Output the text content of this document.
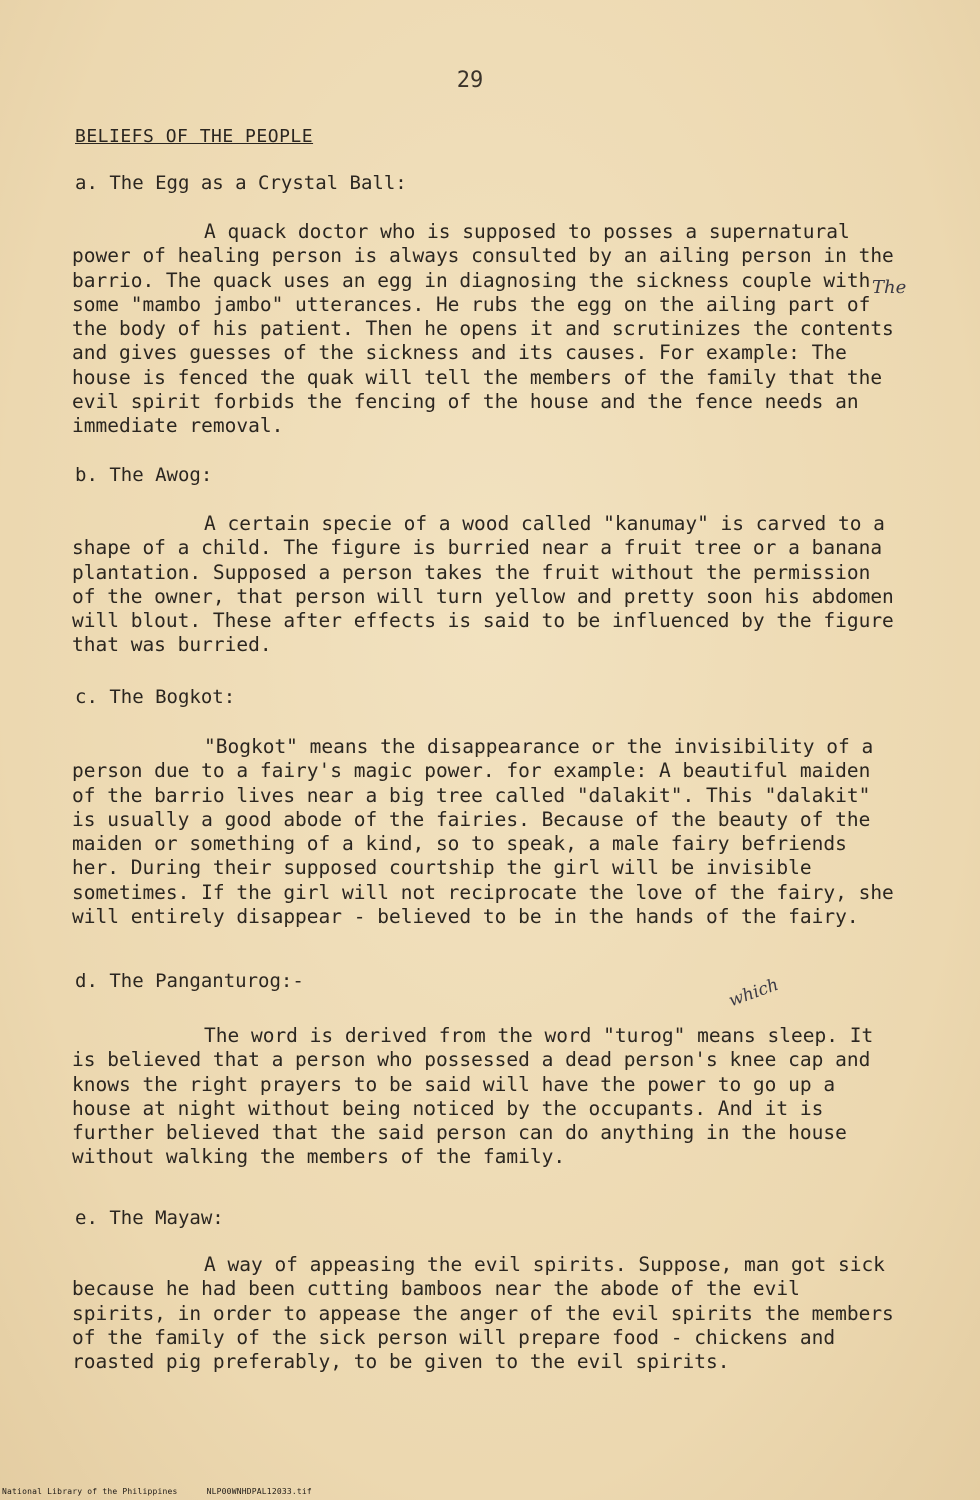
29
BELIEFS OF THE PEOPLE
a. The Egg as a Crystal Ball:
A quack doctor who is supposed to posses a supernatural power of healing person is always consulted by an ailing person in the barrio. The quack uses an egg in diagnosing the sickness couple with some "mambo jambo" utterances. He rubs the egg on the ailing part of the body of his patient. Then he opens it and scrutinizes the contents and gives guesses of the sickness and its causes. For example: The house is fenced the quak will tell the members of the family that the evil spirit forbids the fencing of the house and the fence needs an immediate removal.
The
b. The Awog:
A certain specie of a wood called "kanumay" is carved to a shape of a child. The figure is burried near a fruit tree or a banana plantation. Supposed a person takes the fruit without the permission of the owner, that person will turn yellow and pretty soon his abdomen will blout. These after effects is said to be influenced by the figure that was burried.
c. The Bogkot:
"Bogkot" means the disappearance or the invisibility of a person due to a fairy's magic power. for example: A beautiful maiden of the barrio lives near a big tree called "dalakit". This "dalakit" is usually a good abode of the fairies. Because of the beauty of the maiden or something of a kind, so to speak, a male fairy befriends her. During their supposed courtship the girl will be invisible sometimes. If the girl will not reciprocate the love of the fairy, she will entirely disappear - believed to be in the hands of the fairy.
d. The Panganturog:-	which
The word is derived from the word "turog" means sleep. It is believed that a person who possessed a dead person's knee cap and knows the right prayers to be said will have the power to go up a house at night without being noticed by the occupants. And it is further believed that the said person can do anything in the house without walking the members of the family.
e. The Mayaw:
A way of appeasing the evil spirits. Suppose, man got sick because he had been cutting bamboos near the abode of the evil spirits, in order to appease the anger of the evil spirits the members of the family of the sick person will prepare food - chickens and roasted pig preferably, to be given to the evil spirits.
National Library of the Philippines	NLP00WNHDPAL12033.tif
